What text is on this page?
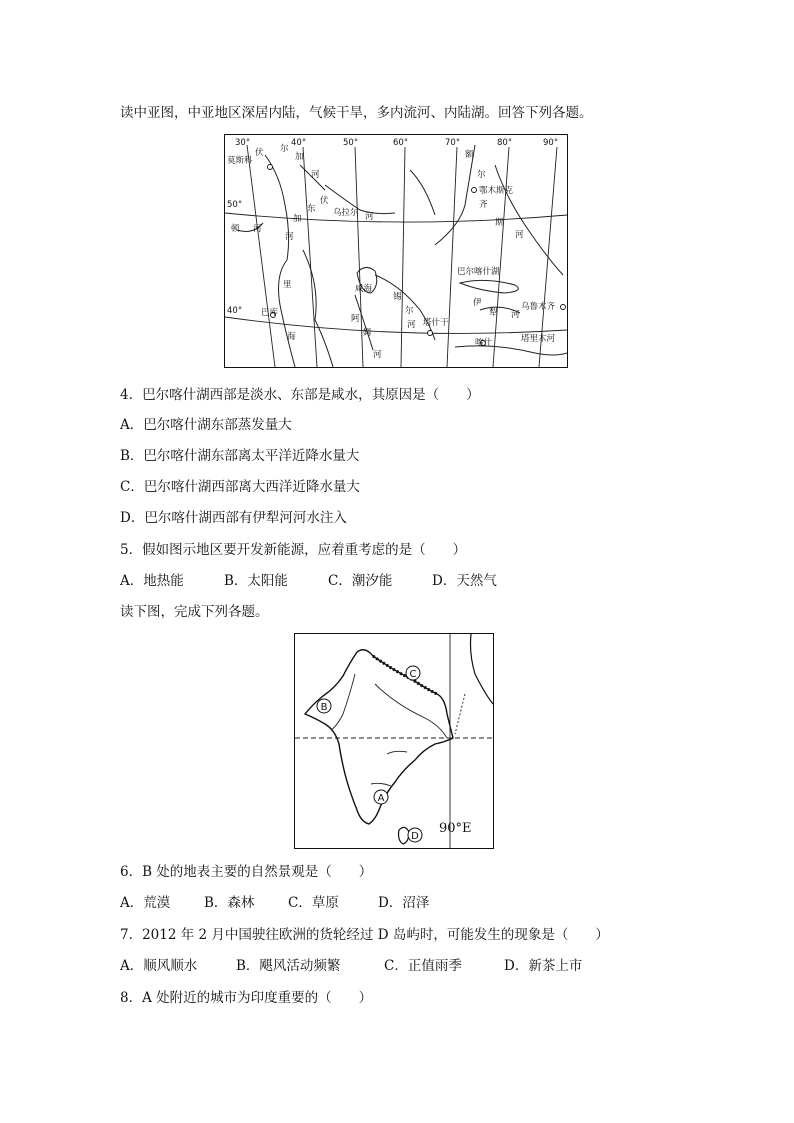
读中亚图，中亚地区深居内陆，气候干旱，多内流河、内陆湖。回答下列各题。
30°	40°	50°	60°	70°	80°	90°
50°
40°
伏 尔
加
河
莫斯科
额
尔
鄂木斯克
齐
斯
河
东
伏
加
河
乌拉尔 河
顿 河
里
海
巴库
咸海
锡
尔
河
阿
姆
河
塔什干
喀什
巴尔喀什湖
伊
犁 河
乌鲁木齐
塔里木河
4．巴尔喀什湖西部是淡水、东部是咸水，其原因是（　　）
A．巴尔喀什湖东部蒸发量大
B．巴尔喀什湖东部离太平洋近降水量大
C．巴尔喀什湖西部离大西洋近降水量大
D．巴尔喀什湖西部有伊犁河河水注入
5．假如图示地区要开发新能源，应着重考虑的是（　　）
A．地热能	B．太阳能	C．潮汐能	D．天然气
读下图，完成下列各题。
C
B
A
D
90°E
6．B 处的地表主要的自然景观是（　　）
A．荒漠	B．森林 C．草原	D．沼泽
7．2012 年 2 月中国驶往欧洲的货轮经过 D 岛屿时，可能发生的现象是（　　）
A．顺风顺水	B．飓风活动频繁	C．正值雨季	D．新茶上市
8．A 处附近的城市为印度重要的（　　）
